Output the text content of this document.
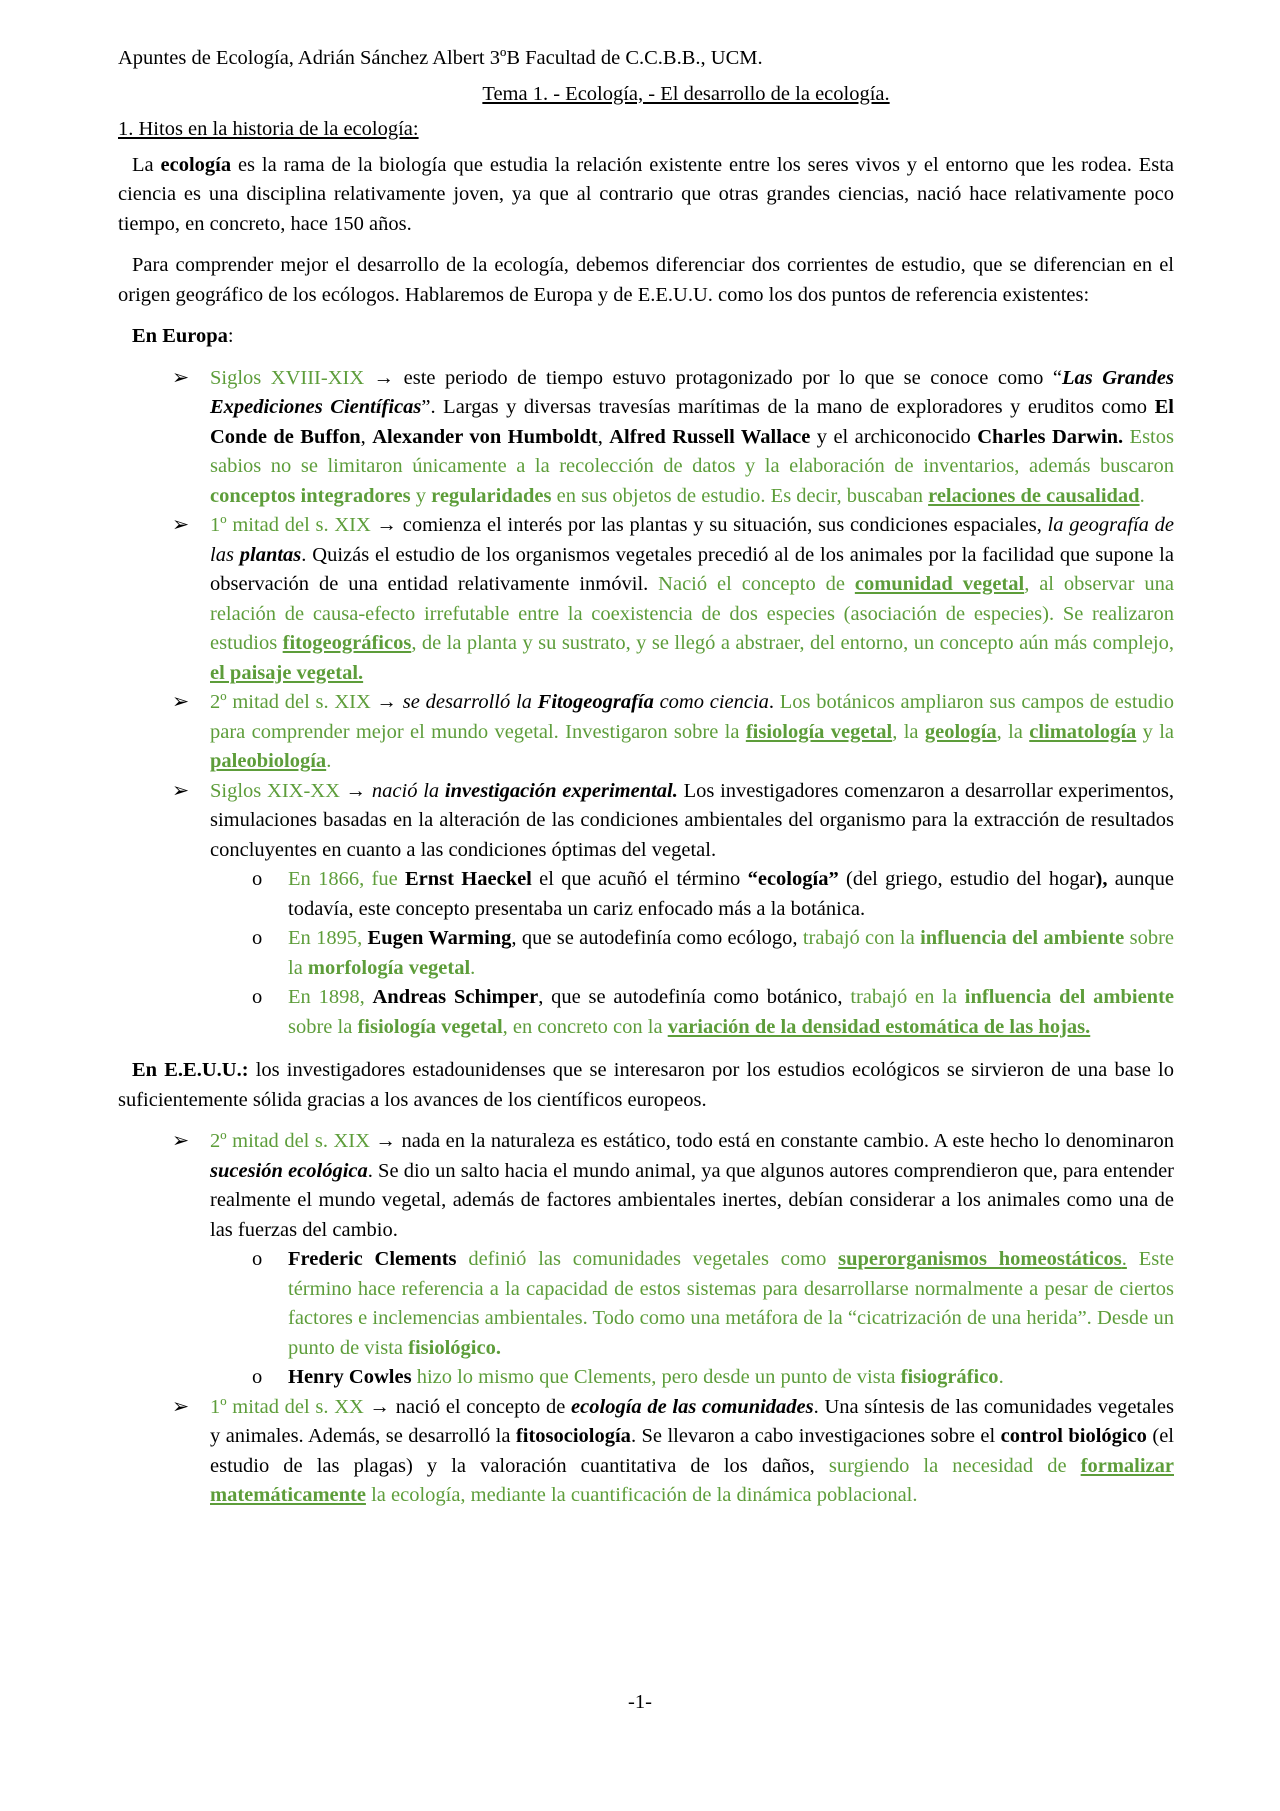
Apuntes de Ecología, Adrián Sánchez Albert 3ºB Facultad de C.C.B.B., UCM.

Tema 1. - Ecología, - El desarrollo de la ecología.

1. Hitos en la historia de la ecología:

La ecología es la rama de la biología que estudia la relación existente entre los seres vivos y el entorno que les rodea. Esta ciencia es una disciplina relativamente joven, ya que al contrario que otras grandes ciencias, nació hace relativamente poco tiempo, en concreto, hace 150 años.

Para comprender mejor el desarrollo de la ecología, debemos diferenciar dos corrientes de estudio, que se diferencian en el origen geográfico de los ecólogos. Hablaremos de Europa y de E.E.U.U. como los dos puntos de referencia existentes:

En Europa:

➢ Siglos XVIII-XIX → este periodo de tiempo estuvo protagonizado por lo que se conoce como “Las Grandes Expediciones Científicas”. Largas y diversas travesías marítimas de la mano de exploradores y eruditos como El Conde de Buffon, Alexander von Humboldt, Alfred Russell Wallace y el archiconocido Charles Darwin. Estos sabios no se limitaron únicamente a la recolección de datos y la elaboración de inventarios, además buscaron conceptos integradores y regularidades en sus objetos de estudio. Es decir, buscaban relaciones de causalidad.
➢ 1º mitad del s. XIX → comienza el interés por las plantas y su situación, sus condiciones espaciales, la geografía de las plantas. Quizás el estudio de los organismos vegetales precedió al de los animales por la facilidad que supone la observación de una entidad relativamente inmóvil. Nació el concepto de comunidad vegetal, al observar una relación de causa-efecto irrefutable entre la coexistencia de dos especies (asociación de especies). Se realizaron estudios fitogeográficos, de la planta y su sustrato, y se llegó a abstraer, del entorno, un concepto aún más complejo, el paisaje vegetal.
➢ 2º mitad del s. XIX → se desarrolló la Fitogeografía como ciencia. Los botánicos ampliaron sus campos de estudio para comprender mejor el mundo vegetal. Investigaron sobre la fisiología vegetal, la geología, la climatología y la paleobiología.
➢ Siglos XIX-XX → nació la investigación experimental. Los investigadores comenzaron a desarrollar experimentos, simulaciones basadas en la alteración de las condiciones ambientales del organismo para la extracción de resultados concluyentes en cuanto a las condiciones óptimas del vegetal.
o En 1866, fue Ernst Haeckel el que acuñó el término “ecología” (del griego, estudio del hogar), aunque todavía, este concepto presentaba un cariz enfocado más a la botánica.
o En 1895, Eugen Warming, que se autodefinía como ecólogo, trabajó con la influencia del ambiente sobre la morfología vegetal.
o En 1898, Andreas Schimper, que se autodefinía como botánico, trabajó en la influencia del ambiente sobre la fisiología vegetal, en concreto con la variación de la densidad estomática de las hojas.

En E.E.U.U.: los investigadores estadounidenses que se interesaron por los estudios ecológicos se sirvieron de una base lo suficientemente sólida gracias a los avances de los científicos europeos.

➢ 2º mitad del s. XIX → nada en la naturaleza es estático, todo está en constante cambio. A este hecho lo denominaron sucesión ecológica. Se dio un salto hacia el mundo animal, ya que algunos autores comprendieron que, para entender realmente el mundo vegetal, además de factores ambientales inertes, debían considerar a los animales como una de las fuerzas del cambio.
o Frederic Clements definió las comunidades vegetales como superorganismos homeostáticos. Este término hace referencia a la capacidad de estos sistemas para desarrollarse normalmente a pesar de ciertos factores e inclemencias ambientales. Todo como una metáfora de la “cicatrización de una herida”. Desde un punto de vista fisiológico.
o Henry Cowles hizo lo mismo que Clements, pero desde un punto de vista fisiográfico.
➢ 1º mitad del s. XX → nació el concepto de ecología de las comunidades. Una síntesis de las comunidades vegetales y animales. Además, se desarrolló la fitosociología. Se llevaron a cabo investigaciones sobre el control biológico (el estudio de las plagas) y la valoración cuantitativa de los daños, surgiendo la necesidad de formalizar matemáticamente la ecología, mediante la cuantificación de la dinámica poblacional.
-1-
